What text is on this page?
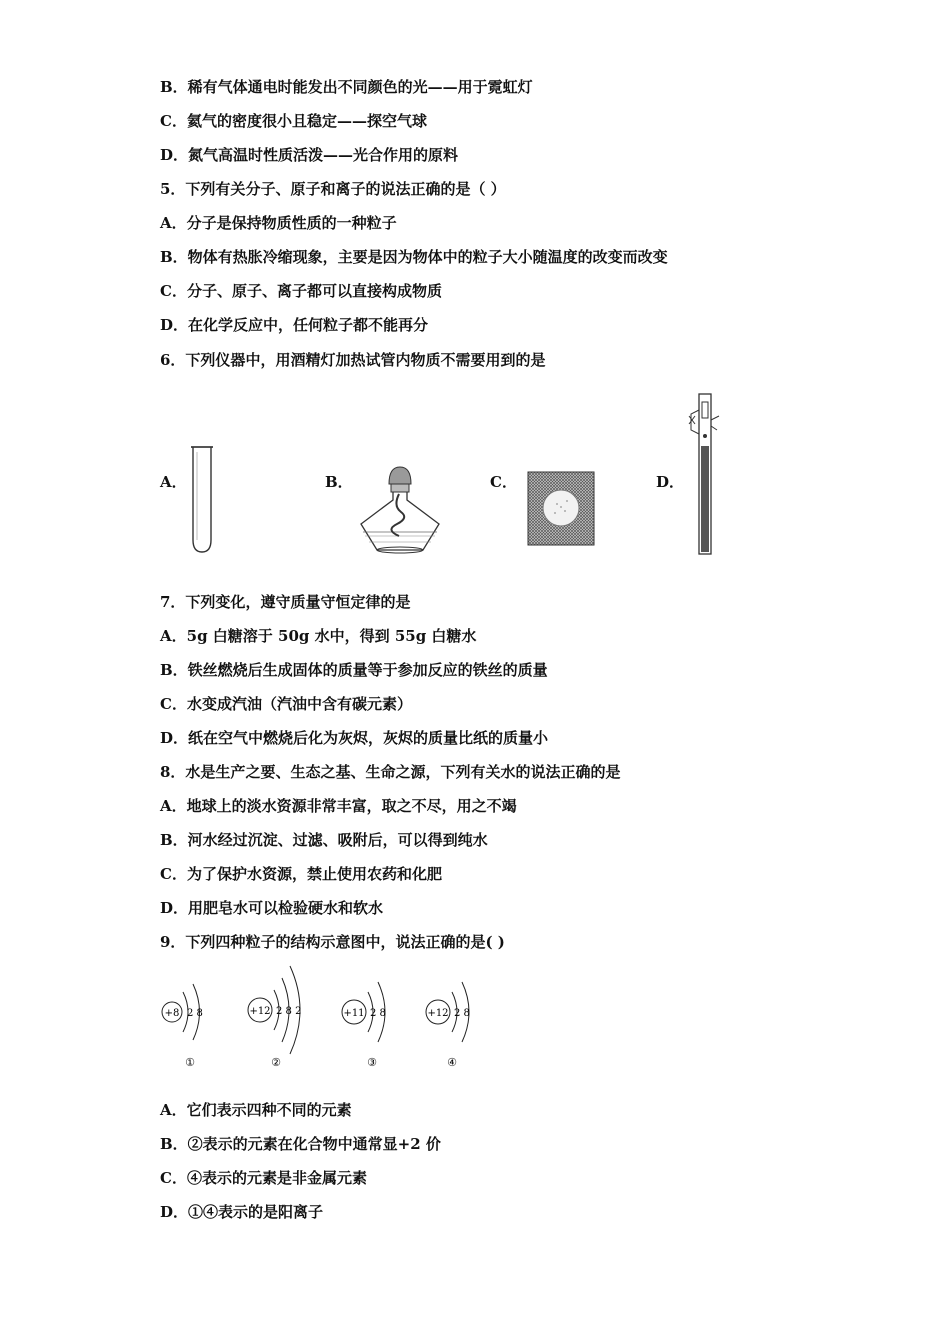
B．稀有气体通电时能发出不同颜色的光——用于霓虹灯
C．氦气的密度很小且稳定——探空气球
D．氮气高温时性质活泼——光合作用的原料
5．下列有关分子、原子和离子的说法正确的是（ ）
A．分子是保持物质性质的一种粒子
B．物体有热胀冷缩现象，主要是因为物体中的粒子大小随温度的改变而改变
C．分子、原子、离子都可以直接构成物质
D．在化学反应中，任何粒子都不能再分
6．下列仪器中，用酒精灯加热试管内物质不需要用到的是
A．	B．	C．	D．
7．下列变化，遵守质量守恒定律的是
A．5g 白糖溶于 50g 水中，得到 55g 白糖水
B．铁丝燃烧后生成固体的质量等于参加反应的铁丝的质量
C．水变成汽油（汽油中含有碳元素）
D．纸在空气中燃烧后化为灰烬，灰烬的质量比纸的质量小
8．水是生产之要、生态之基、生命之源，下列有关水的说法正确的是
A．地球上的淡水资源非常丰富，取之不尽，用之不竭
B．河水经过沉淀、过滤、吸附后，可以得到纯水
C．为了保护水资源，禁止使用农药和化肥
D．用肥皂水可以检验硬水和软水
9．下列四种粒子的结构示意图中，说法正确的是( )
+8 2 8
①
+12 2 8 2
②
+11 2 8
③
+12 2 8
④
A．它们表示四种不同的元素
B．②表示的元素在化合物中通常显+2 价
C．④表示的元素是非金属元素
D．①④表示的是阳离子
